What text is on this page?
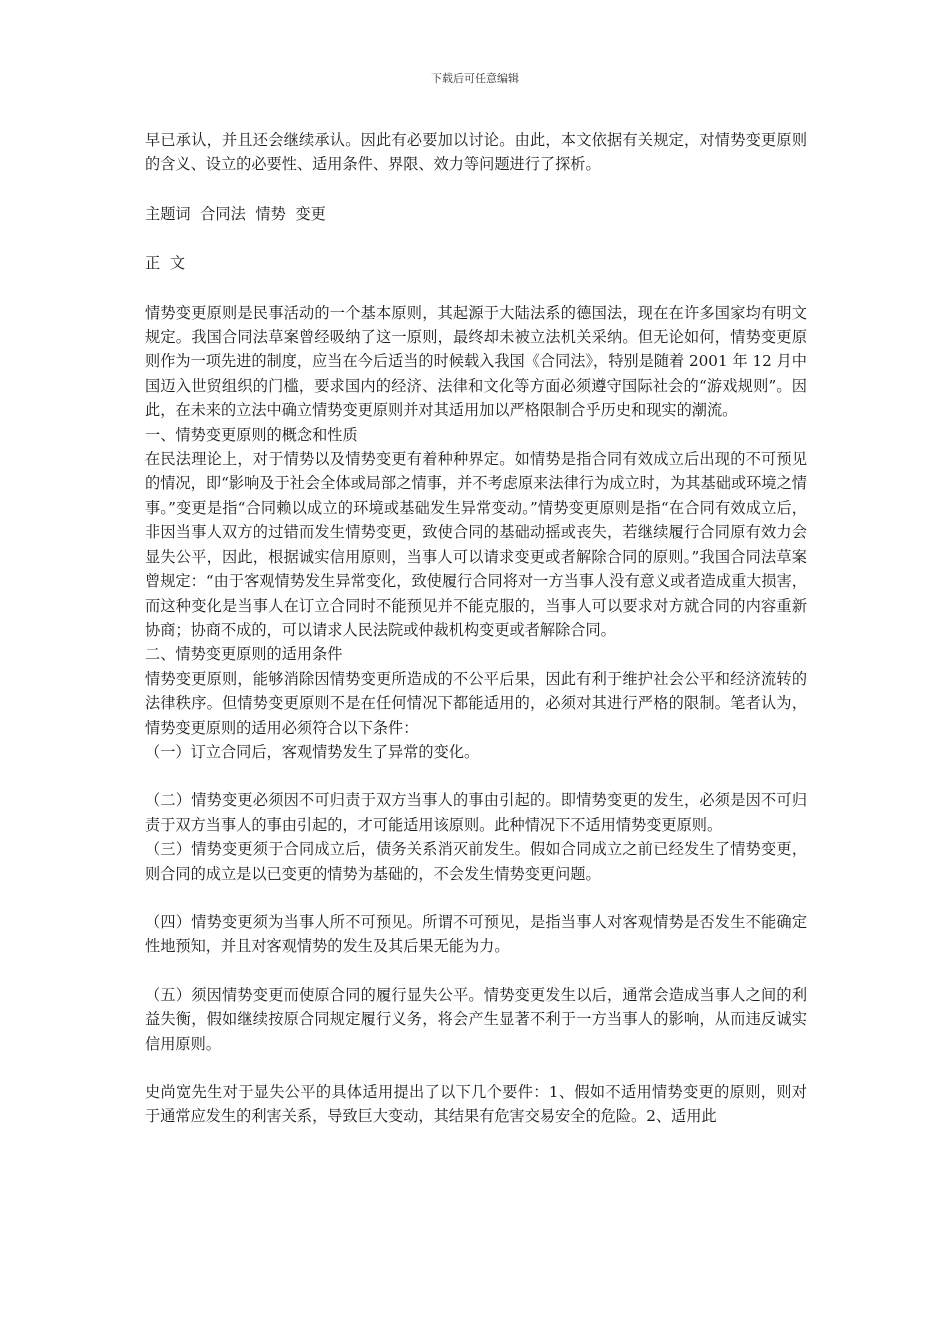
下载后可任意编辑

早已承认，并且还会继续承认。因此有必要加以讨论。由此，本文依据有关规定，对情势变更原则的含义、设立的必要性、适用条件、界限、效力等问题进行了探析。

主题词  合同法  情势  变更

正  文

情势变更原则是民事活动的一个基本原则，其起源于大陆法系的德国法，现在在许多国家均有明文规定。我国合同法草案曾经吸纳了这一原则，最终却未被立法机关采纳。但无论如何，情势变更原则作为一项先进的制度，应当在今后适当的时候载入我国《合同法》，特别是随着 2001 年 12 月中国迈入世贸组织的门槛，要求国内的经济、法律和文化等方面必须遵守国际社会的“游戏规则”。因此，在未来的立法中确立情势变更原则并对其适用加以严格限制合乎历史和现实的潮流。

一、情势变更原则的概念和性质

在民法理论上，对于情势以及情势变更有着种种界定。如情势是指合同有效成立后出现的不可预见的情况，即“影响及于社会全体或局部之情事，并不考虑原来法律行为成立时，为其基础或环境之情事。”变更是指“合同赖以成立的环境或基础发生异常变动。”情势变更原则是指“在合同有效成立后，非因当事人双方的过错而发生情势变更，致使合同的基础动摇或丧失，若继续履行合同原有效力会显失公平，因此，根据诚实信用原则，当事人可以请求变更或者解除合同的原则。”我国合同法草案曾规定：“由于客观情势发生异常变化，致使履行合同将对一方当事人没有意义或者造成重大损害，而这种变化是当事人在订立合同时不能预见并不能克服的，当事人可以要求对方就合同的内容重新协商；协商不成的，可以请求人民法院或仲裁机构变更或者解除合同。

二、情势变更原则的适用条件

情势变更原则，能够消除因情势变更所造成的不公平后果，因此有利于维护社会公平和经济流转的法律秩序。但情势变更原则不是在任何情况下都能适用的，必须对其进行严格的限制。笔者认为，情势变更原则的适用必须符合以下条件：

（一）订立合同后，客观情势发生了异常的变化。

（二）情势变更必须因不可归责于双方当事人的事由引起的。即情势变更的发生，必须是因不可归责于双方当事人的事由引起的，才可能适用该原则。此种情况下不适用情势变更原则。

（三）情势变更须于合同成立后，债务关系消灭前发生。假如合同成立之前已经发生了情势变更，则合同的成立是以已变更的情势为基础的，不会发生情势变更问题。

（四）情势变更须为当事人所不可预见。所谓不可预见，是指当事人对客观情势是否发生不能确定性地预知，并且对客观情势的发生及其后果无能为力。

（五）须因情势变更而使原合同的履行显失公平。情势变更发生以后，通常会造成当事人之间的利益失衡，假如继续按原合同规定履行义务，将会产生显著不利于一方当事人的影响，从而违反诚实信用原则。

史尚宽先生对于显失公平的具体适用提出了以下几个要件：1、假如不适用情势变更的原则，则对于通常应发生的利害关系，导致巨大变动，其结果有危害交易安全的危险。2、适用此
